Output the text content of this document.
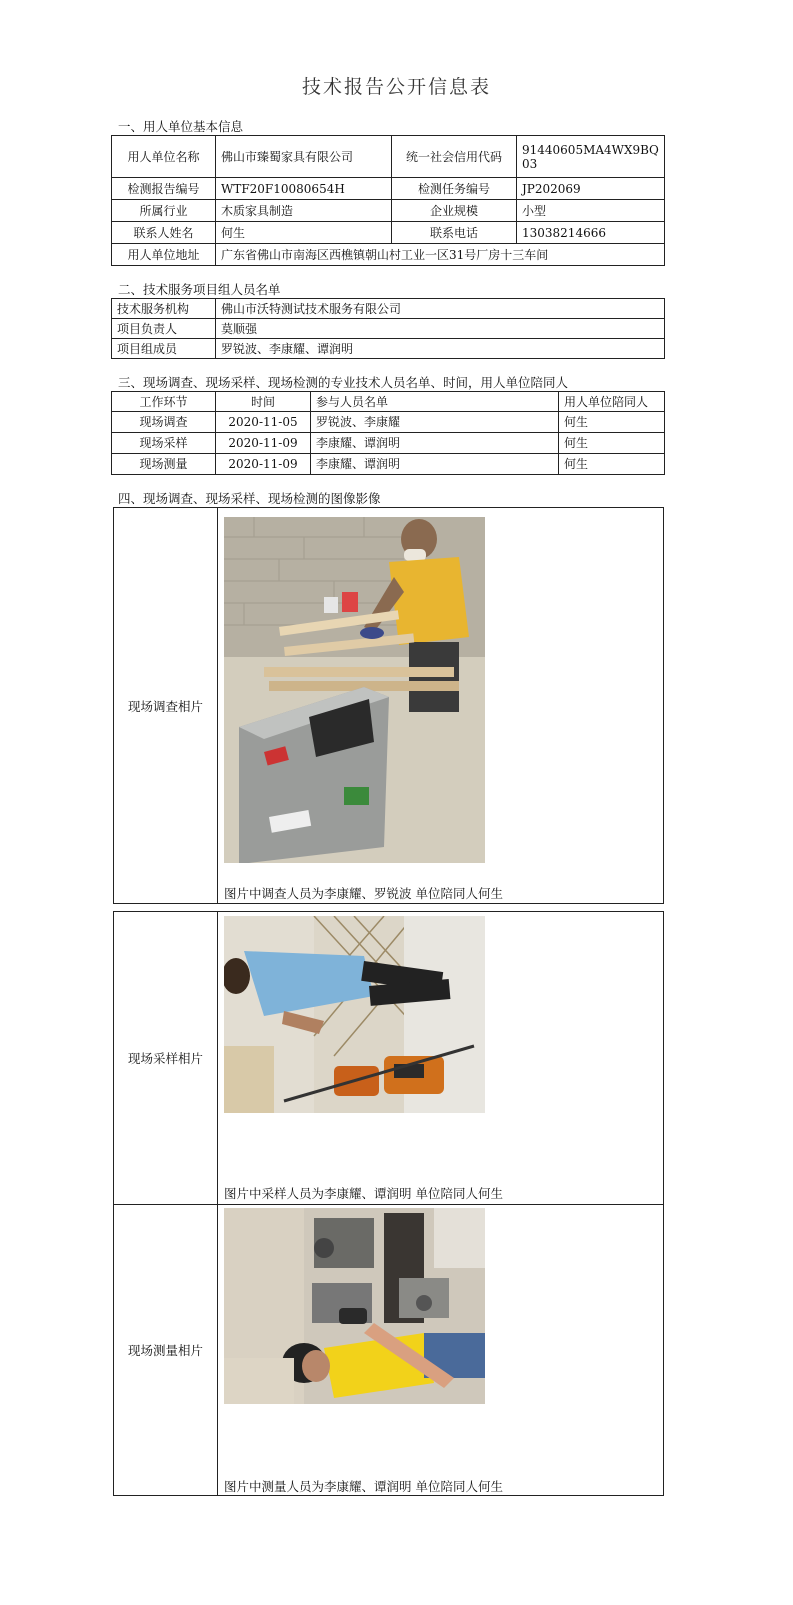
技术报告公开信息表
一、用人单位基本信息
用人单位名称	佛山市臻蜀家具有限公司	统一社会信用代码	91440605MA4WX9BQ03
检测报告编号	WTF20F10080654H	检测任务编号	JP202069
所属行业	木质家具制造	企业规模	小型
联系人姓名	何生	联系电话	13038214666
用人单位地址	广东省佛山市南海区西樵镇朝山村工业一区31号厂房十三车间		
二、技术服务项目组人员名单
技术服务机构	佛山市沃特测试技术服务有限公司
项目负责人	莫顺强
项目组成员	罗锐波、李康耀、谭润明
三、现场调查、现场采样、现场检测的专业技术人员名单、时间，用人单位陪同人
工作环节	时间	参与人员名单	用人单位陪同人
现场调查	2020-11-05	罗锐波、李康耀	何生
现场采样	2020-11-09	李康耀、谭润明	何生
现场测量	2020-11-09	李康耀、谭润明	何生
四、现场调查、现场采样、现场检测的图像影像
现场调查相片
图片中调查人员为李康耀、罗锐波 单位陪同人何生
现场采样相片
图片中采样人员为李康耀、谭润明 单位陪同人何生
现场测量相片
图片中测量人员为李康耀、谭润明 单位陪同人何生
